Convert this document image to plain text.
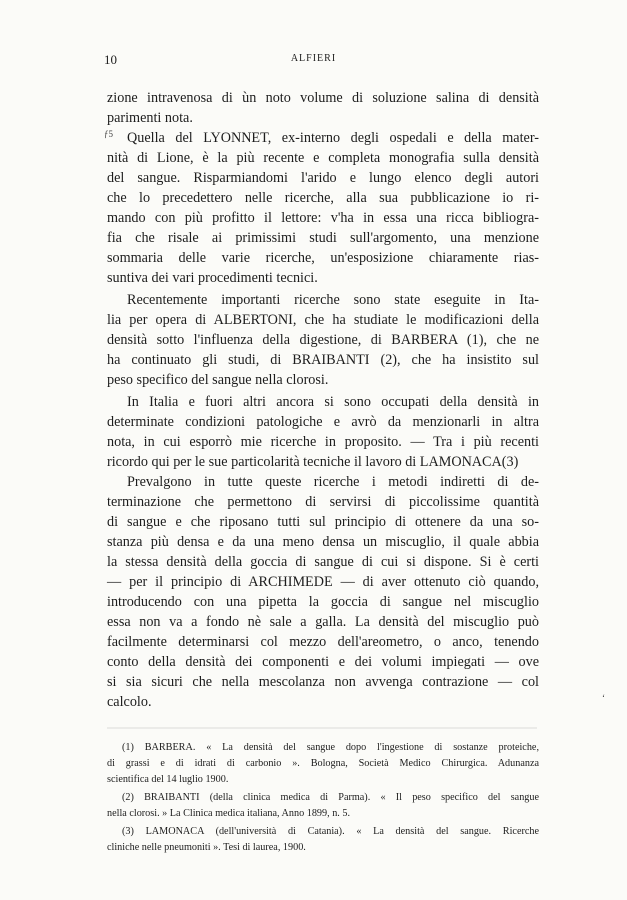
10	ALFIERI
ƒ5
zione intravenosa di ùn noto volume di soluzione salina di densità
parimenti nota.
Quella del LYONNET, ex-interno degli ospedali e della mater-
nità di Lione, è la più recente e completa monografia sulla densità
del sangue. Risparmiandomi l'arido e lungo elenco degli autori
che lo precedettero nelle ricerche, alla sua pubblicazione io ri-
mando con più profitto il lettore: v'ha in essa una ricca bibliogra-
fia che risale ai primissimi studi sull'argomento, una menzione
sommaria delle varie ricerche, un'esposizione chiaramente rias-
suntiva dei vari procedimenti tecnici.
Recentemente importanti ricerche sono state eseguite in Ita-
lia per opera di ALBERTONI, che ha studiate le modificazioni della
densità sotto l'influenza della digestione, di BARBERA (1), che ne
ha continuato gli studi, di BRAIBANTI (2), che ha insistito sul
peso specifico del sangue nella clorosi.
In Italia e fuori altri ancora si sono occupati della densità in
determinate condizioni patologiche e avrò da menzionarli in altra
nota, in cui esporrò mie ricerche in proposito. — Tra i più recenti
ricordo qui per le sue particolarità tecniche il lavoro di LAMONACA(3)
Prevalgono in tutte queste ricerche i metodi indiretti di de-
terminazione che permettono di servirsi di piccolissime quantità
di sangue e che riposano tutti sul principio di ottenere da una so-
stanza più densa e da una meno densa un miscuglio, il quale abbia
la stessa densità della goccia di sangue di cui si dispone. Si è certi
— per il principio di ARCHIMEDE — di aver ottenuto ciò quando,
introducendo con una pipetta la goccia di sangue nel miscuglio
essa non va a fondo nè sale a galla. La densità del miscuglio può
facilmente determinarsi col mezzo dell'areometro, o anco, tenendo
conto della densità dei componenti e dei volumi impiegati — ove
si sia sicuri che nella mescolanza non avvenga contrazione — col
calcolo.	‘
(1) BARBERA. « La densità del sangue dopo l'ingestione di sostanze proteiche,
di grassi e di idrati di carbonio ». Bologna, Società Medico Chirurgica. Adunanza
scientifica del 14 luglio 1900.
(2) BRAIBANTI (della clinica medica di Parma). « Il peso specifico del sangue
nella clorosi. » La Clinica medica italiana, Anno 1899, n. 5.
(3) LAMONACA (dell'università di Catania). « La densità del sangue. Ricerche
cliniche nelle pneumoniti ». Tesi di laurea, 1900.
